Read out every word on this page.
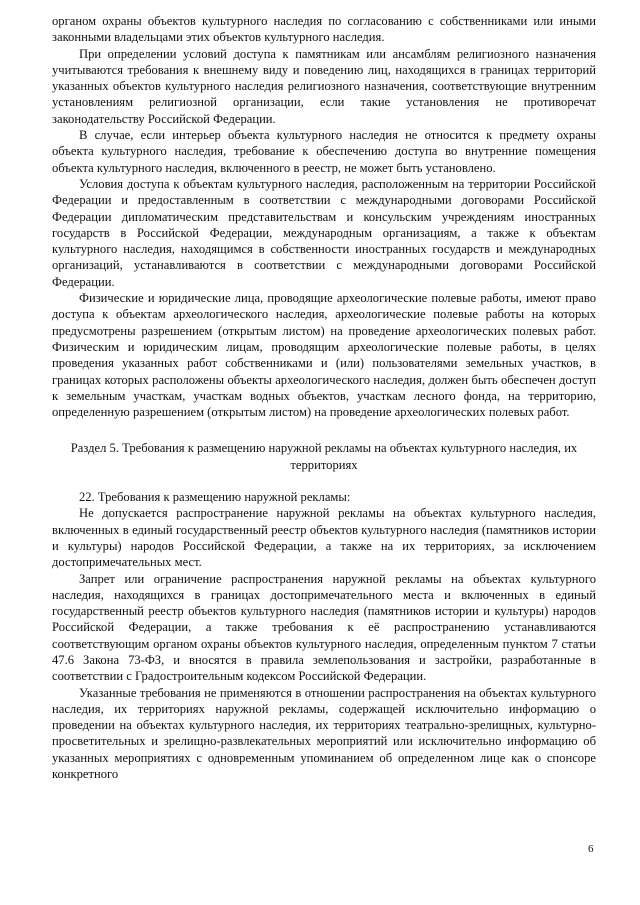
органом охраны объектов культурного наследия по согласованию с собственниками или иными законными владельцами этих объектов культурного наследия.

При определении условий доступа к памятникам или ансамблям религиозного назначения учитываются требования к внешнему виду и поведению лиц, находящихся в границах территорий указанных объектов культурного наследия религиозного назначения, соответствующие внутренним установлениям религиозной организации, если такие установления не противоречат законодательству Российской Федерации.

В случае, если интерьер объекта культурного наследия не относится к предмету охраны объекта культурного наследия, требование к обеспечению доступа во внутренние помещения объекта культурного наследия, включенного в реестр, не может быть установлено.

Условия доступа к объектам культурного наследия, расположенным на территории Российской Федерации и предоставленным в соответствии с международными договорами Российской Федерации дипломатическим представительствам и консульским учреждениям иностранных государств в Российской Федерации, международным организациям, а также к объектам культурного наследия, находящимся в собственности иностранных государств и международных организаций, устанавливаются в соответствии с международными договорами Российской Федерации.

Физические и юридические лица, проводящие археологические полевые работы, имеют право доступа к объектам археологического наследия, археологические полевые работы на которых предусмотрены разрешением (открытым листом) на проведение археологических полевых работ. Физическим и юридическим лицам, проводящим археологические полевые работы, в целях проведения указанных работ собственниками и (или) пользователями земельных участков, в границах которых расположены объекты археологического наследия, должен быть обеспечен доступ к земельным участкам, участкам водных объектов, участкам лесного фонда, на территорию, определенную разрешением (открытым листом) на проведение археологических полевых работ.

Раздел 5. Требования к размещению наружной рекламы на объектах культурного наследия, их территориях

22. Требования к размещению наружной рекламы:

Не допускается распространение наружной рекламы на объектах культурного наследия, включенных в единый государственный реестр объектов культурного наследия (памятников истории и культуры) народов Российской Федерации, а также на их территориях, за исключением достопримечательных мест.

Запрет или ограничение распространения наружной рекламы на объектах культурного наследия, находящихся в границах достопримечательного места и включенных в единый государственный реестр объектов культурного наследия (памятников истории и культуры) народов Российской Федерации, а также требования к её распространению устанавливаются соответствующим органом охраны объектов культурного наследия, определенным пунктом 7 статьи 47.6 Закона 73-ФЗ, и вносятся в правила землепользования и застройки, разработанные в соответствии с Градостроительным кодексом Российской Федерации.

Указанные требования не применяются в отношении распространения на объектах культурного наследия, их территориях наружной рекламы, содержащей исключительно информацию о проведении на объектах культурного наследия, их территориях театрально-зрелищных, культурно-просветительных и зрелищно-развлекательных мероприятий или исключительно информацию об указанных мероприятиях с одновременным упоминанием об определенном лице как о спонсоре конкретного

6
